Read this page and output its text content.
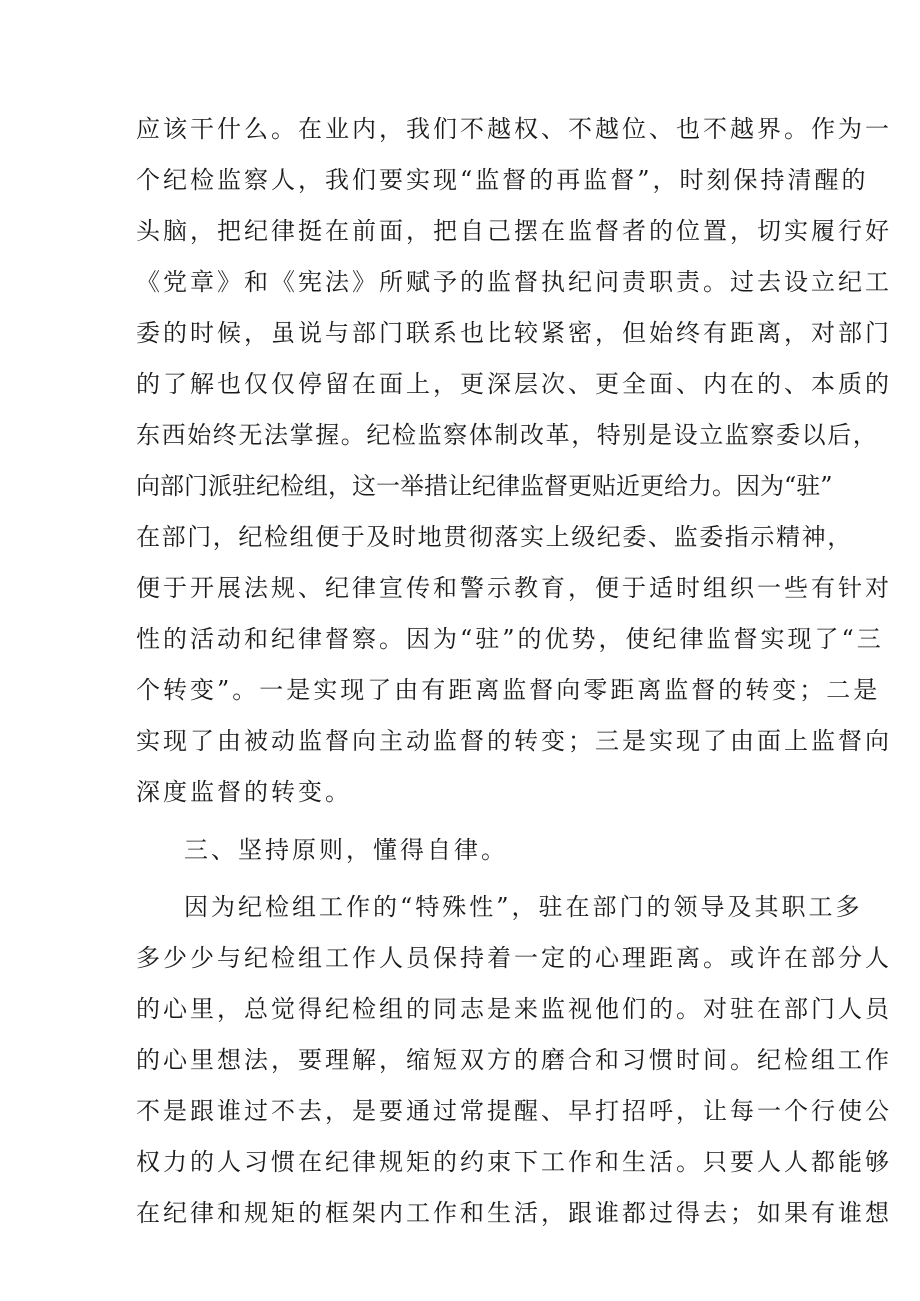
应该干什么。在业内，我们不越权、不越位、也不越界。作为一
个纪检监察人，我们要实现“监督的再监督”，时刻保持清醒的
头脑，把纪律挺在前面，把自己摆在监督者的位置，切实履行好
《党章》和《宪法》所赋予的监督执纪问责职责。过去设立纪工
委的时候，虽说与部门联系也比较紧密，但始终有距离，对部门
的了解也仅仅停留在面上，更深层次、更全面、内在的、本质的
东西始终无法掌握。纪检监察体制改革，特别是设立监察委以后，
向部门派驻纪检组，这一举措让纪律监督更贴近更给力。因为“驻”
在部门，纪检组便于及时地贯彻落实上级纪委、监委指示精神，
便于开展法规、纪律宣传和警示教育，便于适时组织一些有针对
性的活动和纪律督察。因为“驻”的优势，使纪律监督实现了“三
个转变”。一是实现了由有距离监督向零距离监督的转变；二是
实现了由被动监督向主动监督的转变；三是实现了由面上监督向
深度监督的转变。
三、坚持原则，懂得自律。
因为纪检组工作的“特殊性”，驻在部门的领导及其职工多
多少少与纪检组工作人员保持着一定的心理距离。或许在部分人
的心里，总觉得纪检组的同志是来监视他们的。对驻在部门人员
的心里想法，要理解，缩短双方的磨合和习惯时间。纪检组工作
不是跟谁过不去，是要通过常提醒、早打招呼，让每一个行使公
权力的人习惯在纪律规矩的约束下工作和生活。只要人人都能够
在纪律和规矩的框架内工作和生活，跟谁都过得去；如果有谁想
